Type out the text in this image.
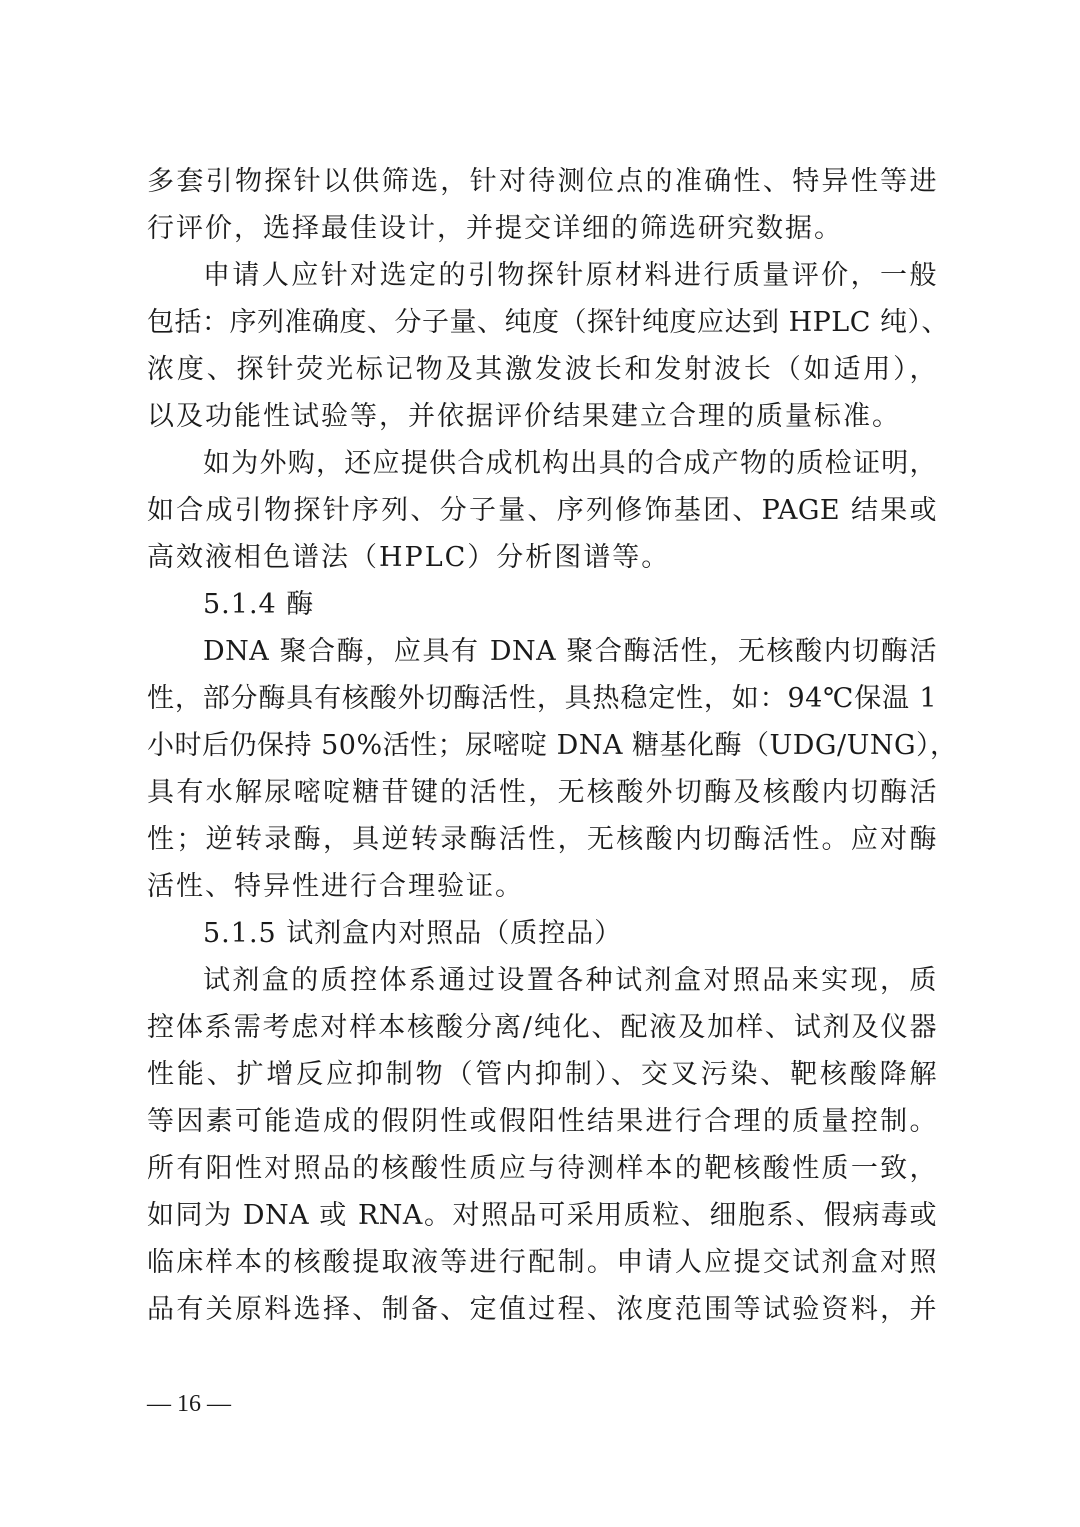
多套引物探针以供筛选，针对待测位点的准确性、特异性等进
行评价，选择最佳设计，并提交详细的筛选研究数据。
申请人应针对选定的引物探针原材料进行质量评价，一般
包括：序列准确度、分子量、纯度（探针纯度应达到 HPLC 纯）、
浓度、探针荧光标记物及其激发波长和发射波长（如适用），
以及功能性试验等，并依据评价结果建立合理的质量标准。
如为外购，还应提供合成机构出具的合成产物的质检证明，
如合成引物探针序列、分子量、序列修饰基团、PAGE 结果或
高效液相色谱法（HPLC）分析图谱等。
5.1.4 酶
DNA 聚合酶，应具有 DNA 聚合酶活性，无核酸内切酶活
性，部分酶具有核酸外切酶活性，具热稳定性，如：94℃保温 1
小时后仍保持 50%活性；尿嘧啶 DNA 糖基化酶（UDG/UNG），
具有水解尿嘧啶糖苷键的活性，无核酸外切酶及核酸内切酶活
性；逆转录酶，具逆转录酶活性，无核酸内切酶活性。应对酶
活性、特异性进行合理验证。
5.1.5 试剂盒内对照品（质控品）
试剂盒的质控体系通过设置各种试剂盒对照品来实现，质
控体系需考虑对样本核酸分离/纯化、配液及加样、试剂及仪器
性能、扩增反应抑制物（管内抑制）、交叉污染、靶核酸降解
等因素可能造成的假阴性或假阳性结果进行合理的质量控制。
所有阳性对照品的核酸性质应与待测样本的靶核酸性质一致，
如同为 DNA 或 RNA。对照品可采用质粒、细胞系、假病毒或
临床样本的核酸提取液等进行配制。申请人应提交试剂盒对照
品有关原料选择、制备、定值过程、浓度范围等试验资料，并
— 16 —
